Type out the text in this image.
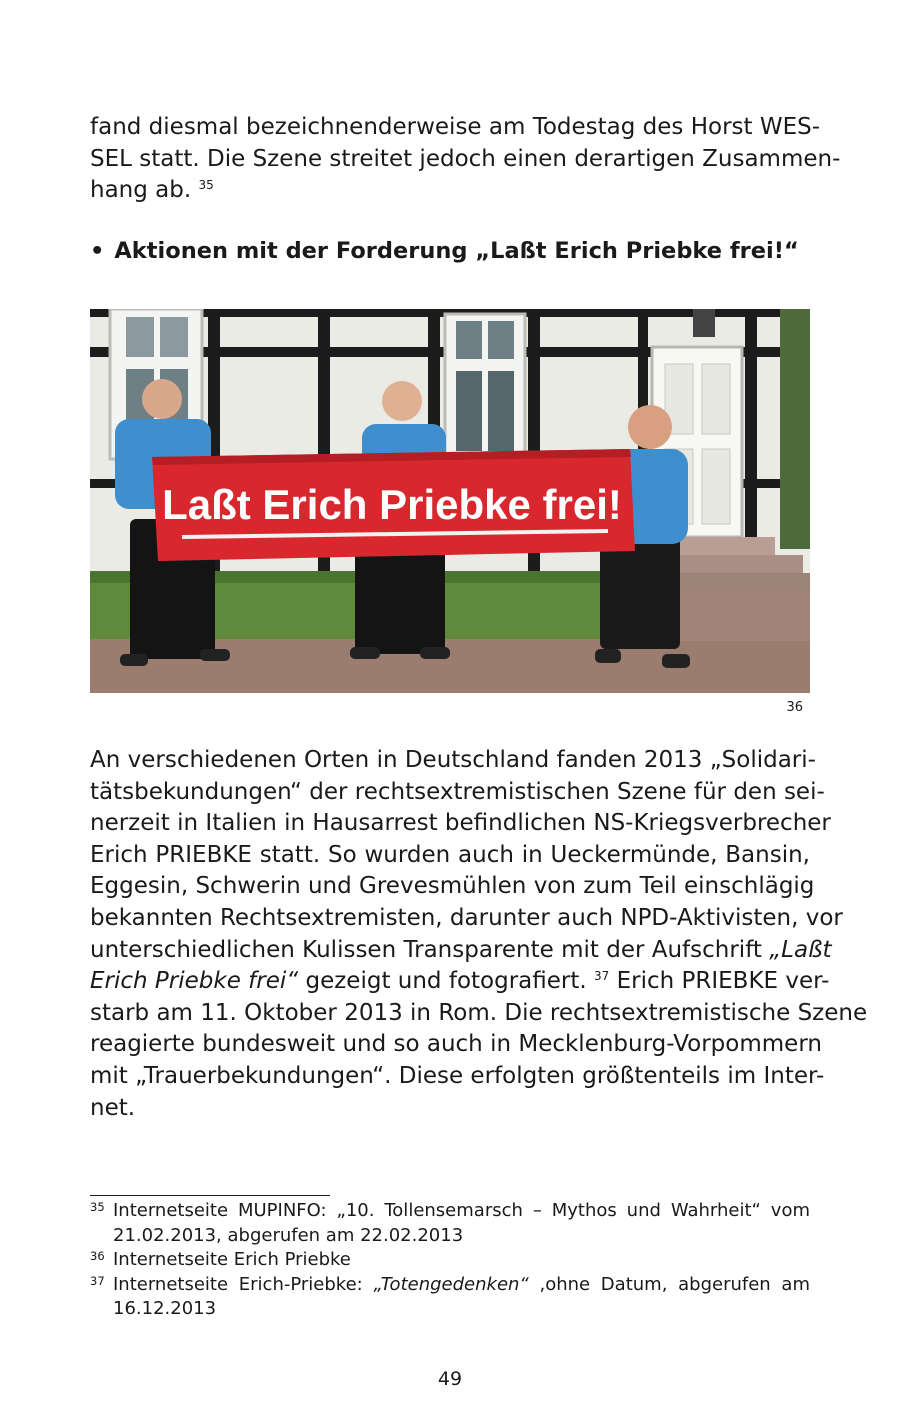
fand diesmal bezeichnenderweise am Todestag des Horst WES-
SEL statt. Die Szene streitet jedoch einen derartigen Zusammen-
hang ab. $^{35}$
• Aktionen mit der Forderung „Laßt Erich Priebke frei!“
Laßt Erich Priebke frei!
36
An verschiedenen Orten in Deutschland fanden 2013 „Solidari-
tätsbekundungen“ der rechtsextremistischen Szene für den sei-
nerzeit in Italien in Hausarrest befindlichen NS-Kriegsverbrecher
Erich PRIEBKE statt. So wurden auch in Ueckermünde, Bansin,
Eggesin, Schwerin und Grevesmühlen von zum Teil einschlägig
bekannten Rechtsextremisten, darunter auch NPD-Aktivisten, vor
unterschiedlichen Kulissen Transparente mit der Aufschrift „Laßt
Erich Priebke frei“ gezeigt und fotografiert. $^{37}$ Erich PRIEBKE ver-
starb am 11. Oktober 2013 in Rom. Die rechtsextremistische Szene
reagierte bundesweit und so auch in Mecklenburg-Vorpommern
mit „Trauerbekundungen“. Diese erfolgten größtenteils im Inter-
net.
35 Internetseite MUPINFO: „10. Tollensemarsch – Mythos und Wahrheit“ vom
21.02.2013, abgerufen am 22.02.2013
36 Internetseite Erich Priebke
37 Internetseite Erich-Priebke: „Totengedenken“ ,ohne Datum, abgerufen am
16.12.2013
49
